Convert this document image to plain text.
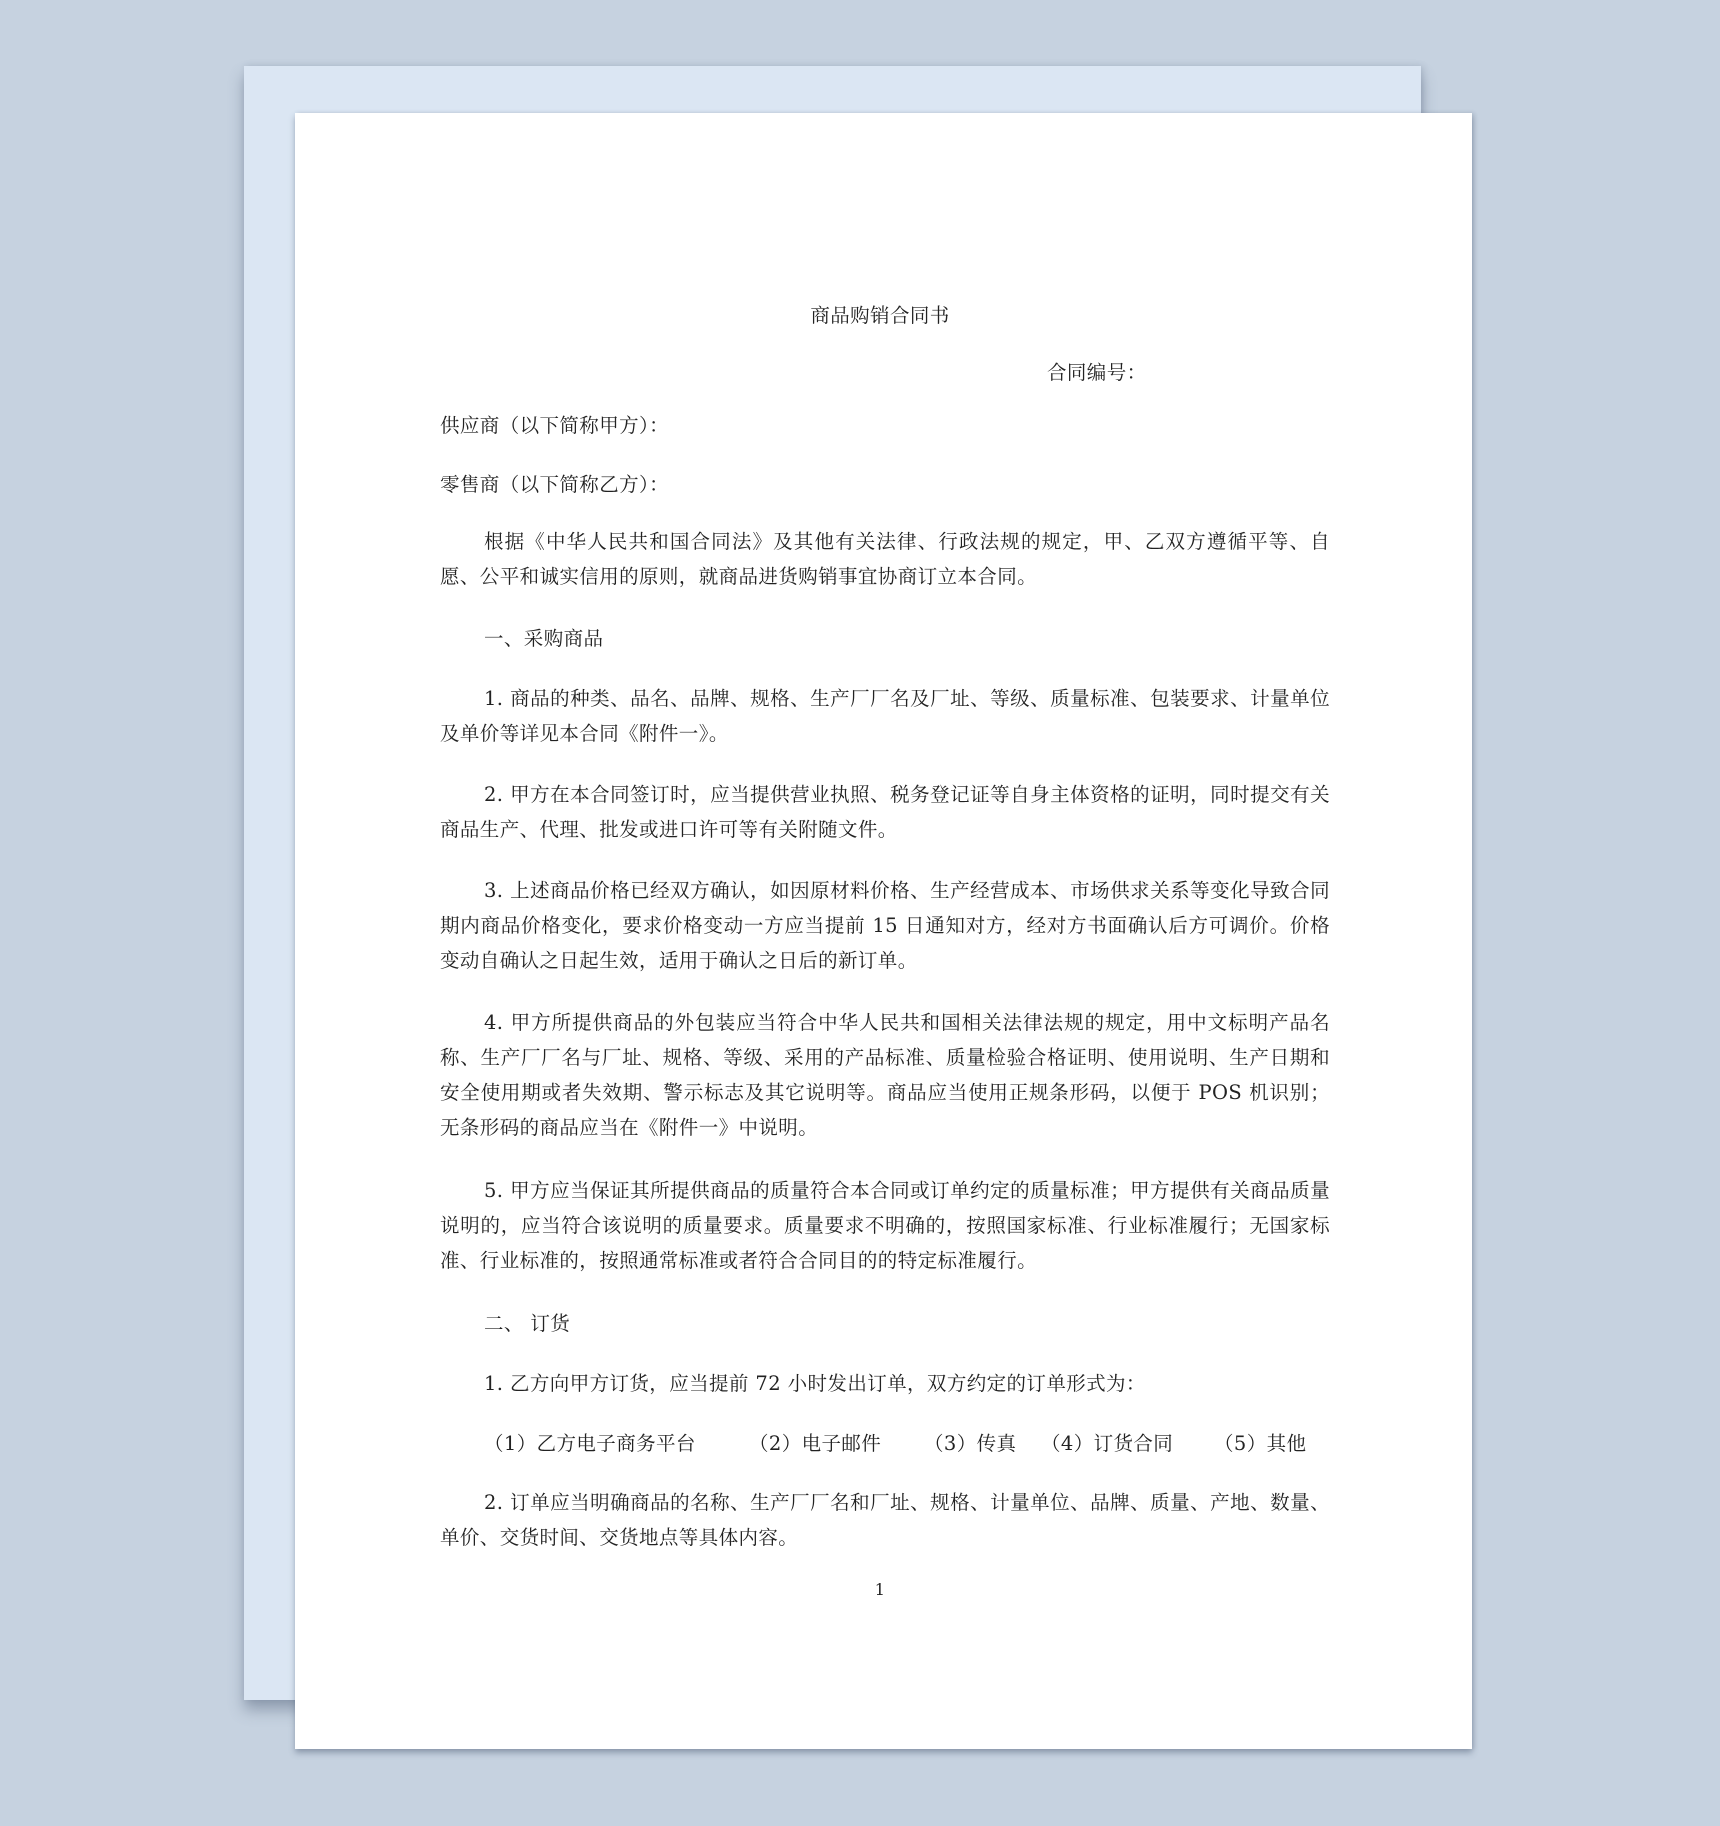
商品购销合同书
合同编号：

供应商（以下简称甲方）：

零售商（以下简称乙方）：

根据《中华人民共和国合同法》及其他有关法律、行政法规的规定，甲、乙双方遵循平等、自愿、公平和诚实信用的原则，就商品进货购销事宜协商订立本合同。

一、采购商品

1. 商品的种类、品名、品牌、规格、生产厂厂名及厂址、等级、质量标准、包装要求、计量单位及单价等详见本合同《附件一》。

2. 甲方在本合同签订时，应当提供营业执照、税务登记证等自身主体资格的证明，同时提交有关商品生产、代理、批发或进口许可等有关附随文件。

3. 上述商品价格已经双方确认，如因原材料价格、生产经营成本、市场供求关系等变化导致合同期内商品价格变化，要求价格变动一方应当提前 15 日通知对方，经对方书面确认后方可调价。价格变动自确认之日起生效，适用于确认之日后的新订单。

4. 甲方所提供商品的外包装应当符合中华人民共和国相关法律法规的规定，用中文标明产品名称、生产厂厂名与厂址、规格、等级、采用的产品标准、质量检验合格证明、使用说明、生产日期和安全使用期或者失效期、警示标志及其它说明等。商品应当使用正规条形码，以便于 POS 机识别；无条形码的商品应当在《附件一》中说明。

5. 甲方应当保证其所提供商品的质量符合本合同或订单约定的质量标准；甲方提供有关商品质量说明的，应当符合该说明的质量要求。质量要求不明确的，按照国家标准、行业标准履行；无国家标准、行业标准的，按照通常标准或者符合合同目的的特定标准履行。

二、 订货

1. 乙方向甲方订货，应当提前 72 小时发出订单，双方约定的订单形式为：

（1）乙方电子商务平台	（2）电子邮件	（3）传真	（4）订货合同	（5）其他

2. 订单应当明确商品的名称、生产厂厂名和厂址、规格、计量单位、品牌、质量、产地、数量、单价、交货时间、交货地点等具体内容。

1
